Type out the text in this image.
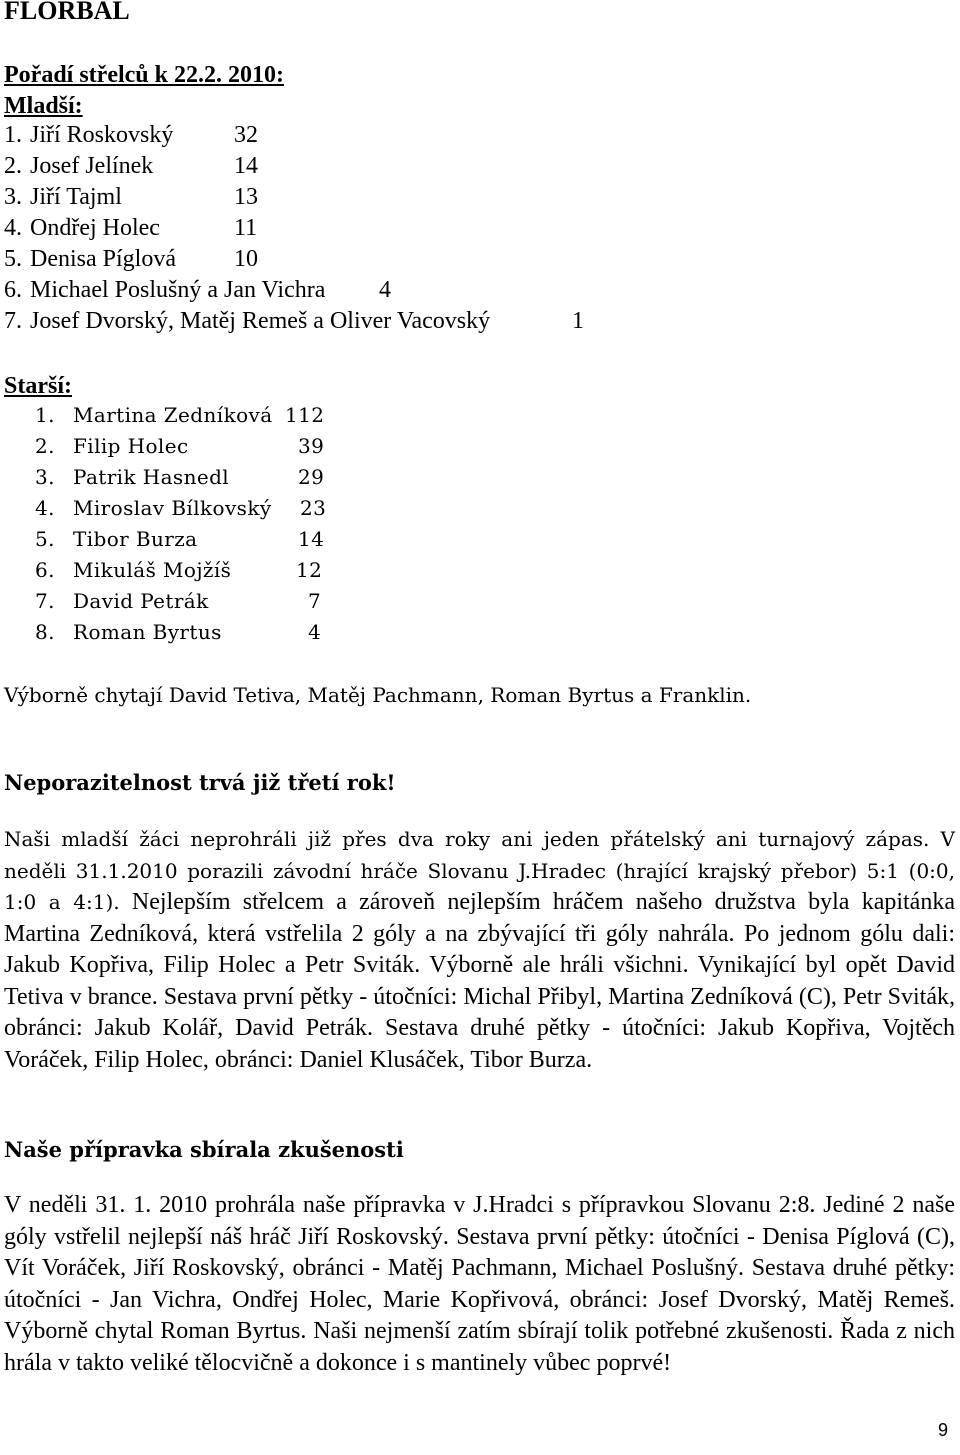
FLORBAL
Pořadí střelců k 22.2. 2010:
Mladší:
1. Jiří Roskovský	32
2. Josef Jelínek	14
3. Jiří Tajml	13
4. Ondřej Holec	11
5. Denisa Píglová 10
6. Michael Poslušný a Jan Vichra 4
7. Josef Dvorský, Matěj Remeš a Oliver Vacovský	1
Starší:
1. Martina Zedníková 112
2. Filip Holec	39
3. Patrik Hasnedl	29
4. Miroslav Bílkovský 23
5. Tibor Burza	14
6. Mikuláš Mojžíš	12
7. David Petrák	7
8. Roman Byrtus	4

Výborně chytají David Tetiva, Matěj Pachmann, Roman Byrtus a Franklin.

Neporazitelnost trvá již třetí rok!

Naši mladší žáci neprohráli již přes dva roky ani jeden přátelský ani turnajový zápas. V neděli 31.1.2010 porazili závodní hráče Slovanu J.Hradec (hrající krajský přebor) 5:1 (0:0, 1:0 a 4:1). Nejlepším střelcem a zároveň nejlepším hráčem našeho družstva byla kapitánka Martina Zedníková, která vstřelila 2 góly a na zbývající tři góly nahrála. Po jednom gólu dali: Jakub Kopřiva, Filip Holec a Petr Sviták. Výborně ale hráli všichni. Vynikající byl opět David Tetiva v brance. Sestava první pětky - útočníci: Michal Přibyl, Martina Zedníková (C), Petr Sviták, obránci: Jakub Kolář, David Petrák. Sestava druhé pětky - útočníci: Jakub Kopřiva, Vojtěch Voráček, Filip Holec, obránci: Daniel Klusáček, Tibor Burza.

Naše přípravka sbírala zkušenosti

V neděli 31. 1. 2010 prohrála naše přípravka v J.Hradci s přípravkou Slovanu 2:8. Jediné 2 naše góly vstřelil nejlepší náš hráč Jiří Roskovský. Sestava první pětky: útočníci - Denisa Píglová (C), Vít Voráček, Jiří Roskovský, obránci - Matěj Pachmann, Michael Poslušný. Sestava druhé pětky: útočníci - Jan Vichra, Ondřej Holec, Marie Kopřivová, obránci: Josef Dvorský, Matěj Remeš. Výborně chytal Roman Byrtus. Naši nejmenší zatím sbírají tolik potřebné zkušenosti. Řada z nich hrála v takto veliké tělocvičně a dokonce i s mantinely vůbec poprvé!

9
